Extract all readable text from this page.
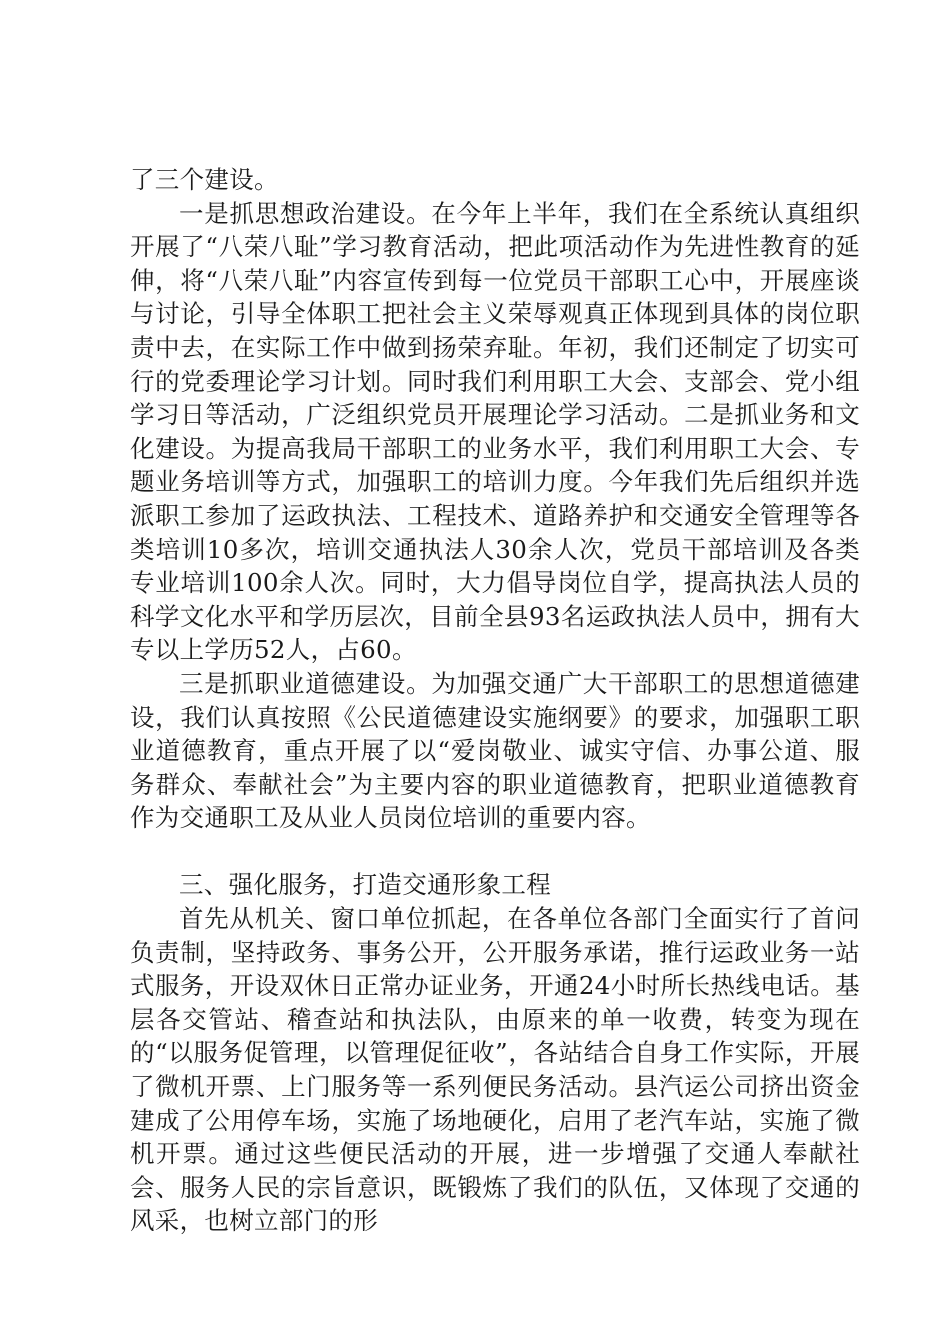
了三个建设。

一是抓思想政治建设。在今年上半年，我们在全系统认真组织开展了“八荣八耻”学习教育活动，把此项活动作为先进性教育的延伸，将“八荣八耻”内容宣传到每一位党员干部职工心中，开展座谈与讨论，引导全体职工把社会主义荣辱观真正体现到具体的岗位职责中去，在实际工作中做到扬荣弃耻。年初，我们还制定了切实可行的党委理论学习计划。同时我们利用职工大会、支部会、党小组学习日等活动，广泛组织党员开展理论学习活动。二是抓业务和文化建设。为提高我局干部职工的业务水平，我们利用职工大会、专题业务培训等方式，加强职工的培训力度。今年我们先后组织并选派职工参加了运政执法、工程技术、道路养护和交通安全管理等各类培训10多次，培训交通执法人30余人次，党员干部培训及各类专业培训100余人次。同时，大力倡导岗位自学，提高执法人员的科学文化水平和学历层次，目前全县93名运政执法人员中，拥有大专以上学历52人，占60。

三是抓职业道德建设。为加强交通广大干部职工的思想道德建设，我们认真按照《公民道德建设实施纲要》的要求，加强职工职业道德教育，重点开展了以“爱岗敬业、诚实守信、办事公道、服务群众、奉献社会”为主要内容的职业道德教育，把职业道德教育作为交通职工及从业人员岗位培训的重要内容。

三、强化服务，打造交通形象工程

首先从机关、窗口单位抓起，在各单位各部门全面实行了首问负责制，坚持政务、事务公开，公开服务承诺，推行运政业务一站式服务，开设双休日正常办证业务，开通24小时所长热线电话。基层各交管站、稽查站和执法队，由原来的单一收费，转变为现在的“以服务促管理，以管理促征收”，各站结合自身工作实际，开展了微机开票、上门服务等一系列便民务活动。县汽运公司挤出资金建成了公用停车场，实施了场地硬化，启用了老汽车站，实施了微机开票。通过这些便民活动的开展，进一步增强了交通人奉献社会、服务人民的宗旨意识，既锻炼了我们的队伍，又体现了交通的风采，也树立部门的形
